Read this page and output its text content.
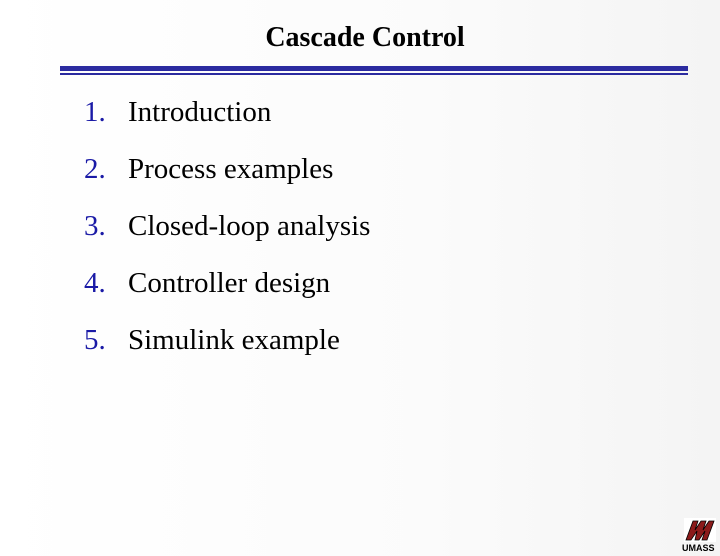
Cascade Control
1. Introduction
2. Process examples
3. Closed-loop analysis
4. Controller design
5. Simulink example
UMASS
